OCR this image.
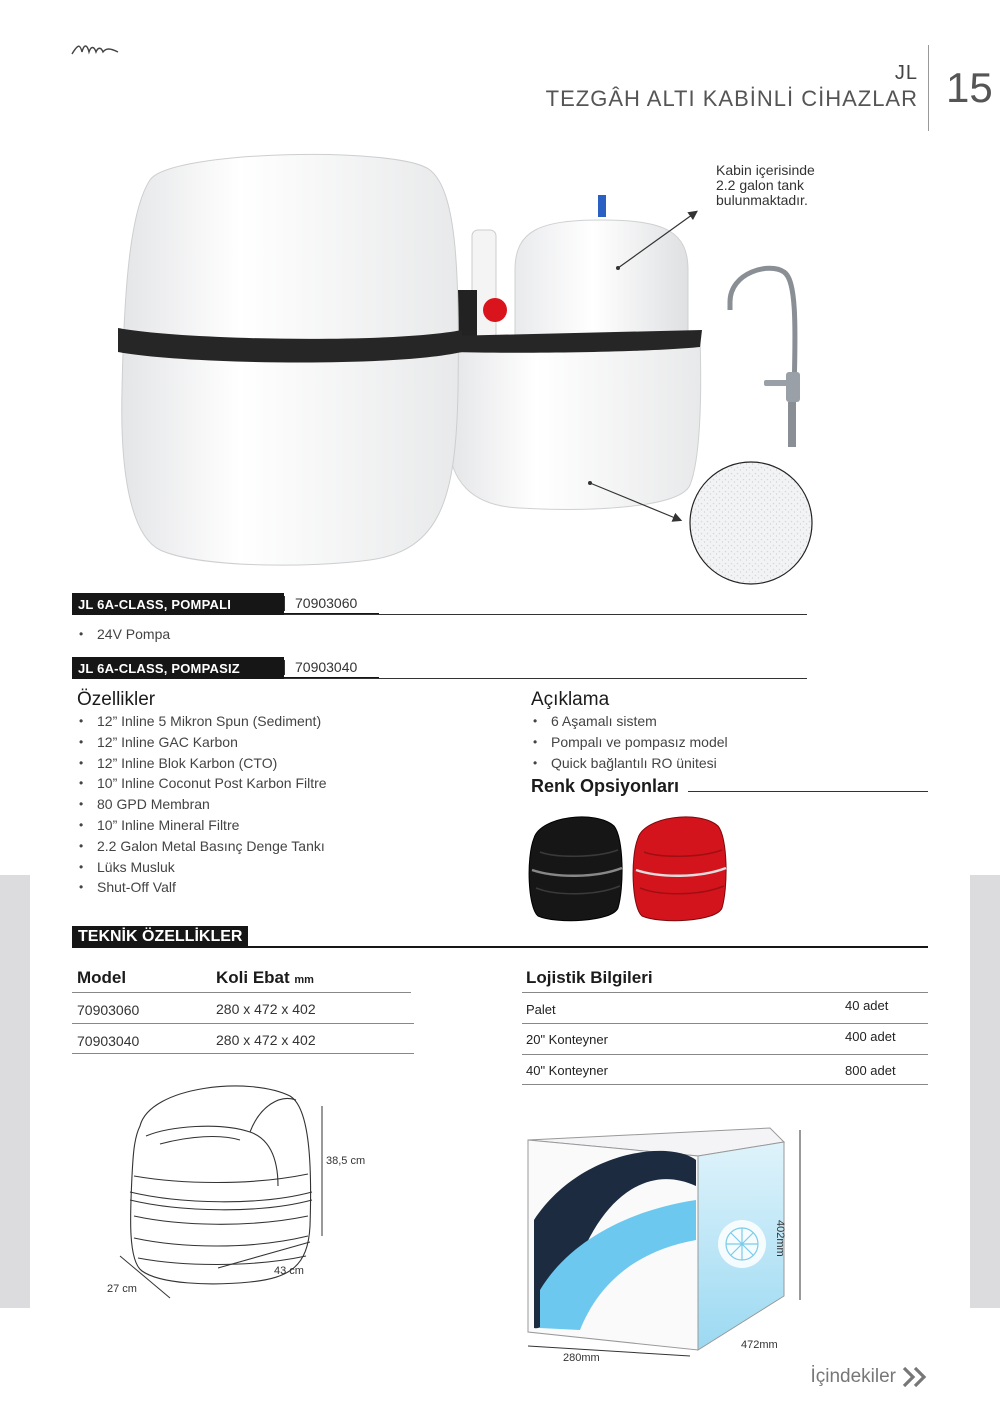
JL
TEZGÂH ALTI KABİNLİ CİHAZLAR 15
Kabin içerisinde
2.2 galon tank
bulunmaktadır.
JL 6A-CLASS, POMPALI	70903060
• 24V Pompa
JL 6A-CLASS, POMPASIZ	70903040
Özellikler
• 12” Inline 5 Mikron Spun (Sediment)
• 12” Inline GAC Karbon
• 12” Inline Blok Karbon (CTO)
• 10” Inline Coconut Post Karbon Filtre
• 80 GPD Membran
• 10” Inline Mineral Filtre
• 2.2 Galon Metal Basınç Denge Tankı
• Lüks Musluk
• Shut-Off Valf
Açıklama
• 6 Aşamalı sistem
• Pompalı ve pompasız model
• Quick bağlantılı RO ünitesi
Renk Opsiyonları
TEKNİK ÖZELLİKLER
Model	Koli Ebat mm
70903060	280 x 472 x 402
70903040	280 x 472 x 402
Lojistik Bilgileri
Palet	40 adet
20" Konteyner	400 adet
40" Konteyner	800 adet
38,5 cm
43 cm
27 cm
402mm
472mm
280mm
İçindekiler
